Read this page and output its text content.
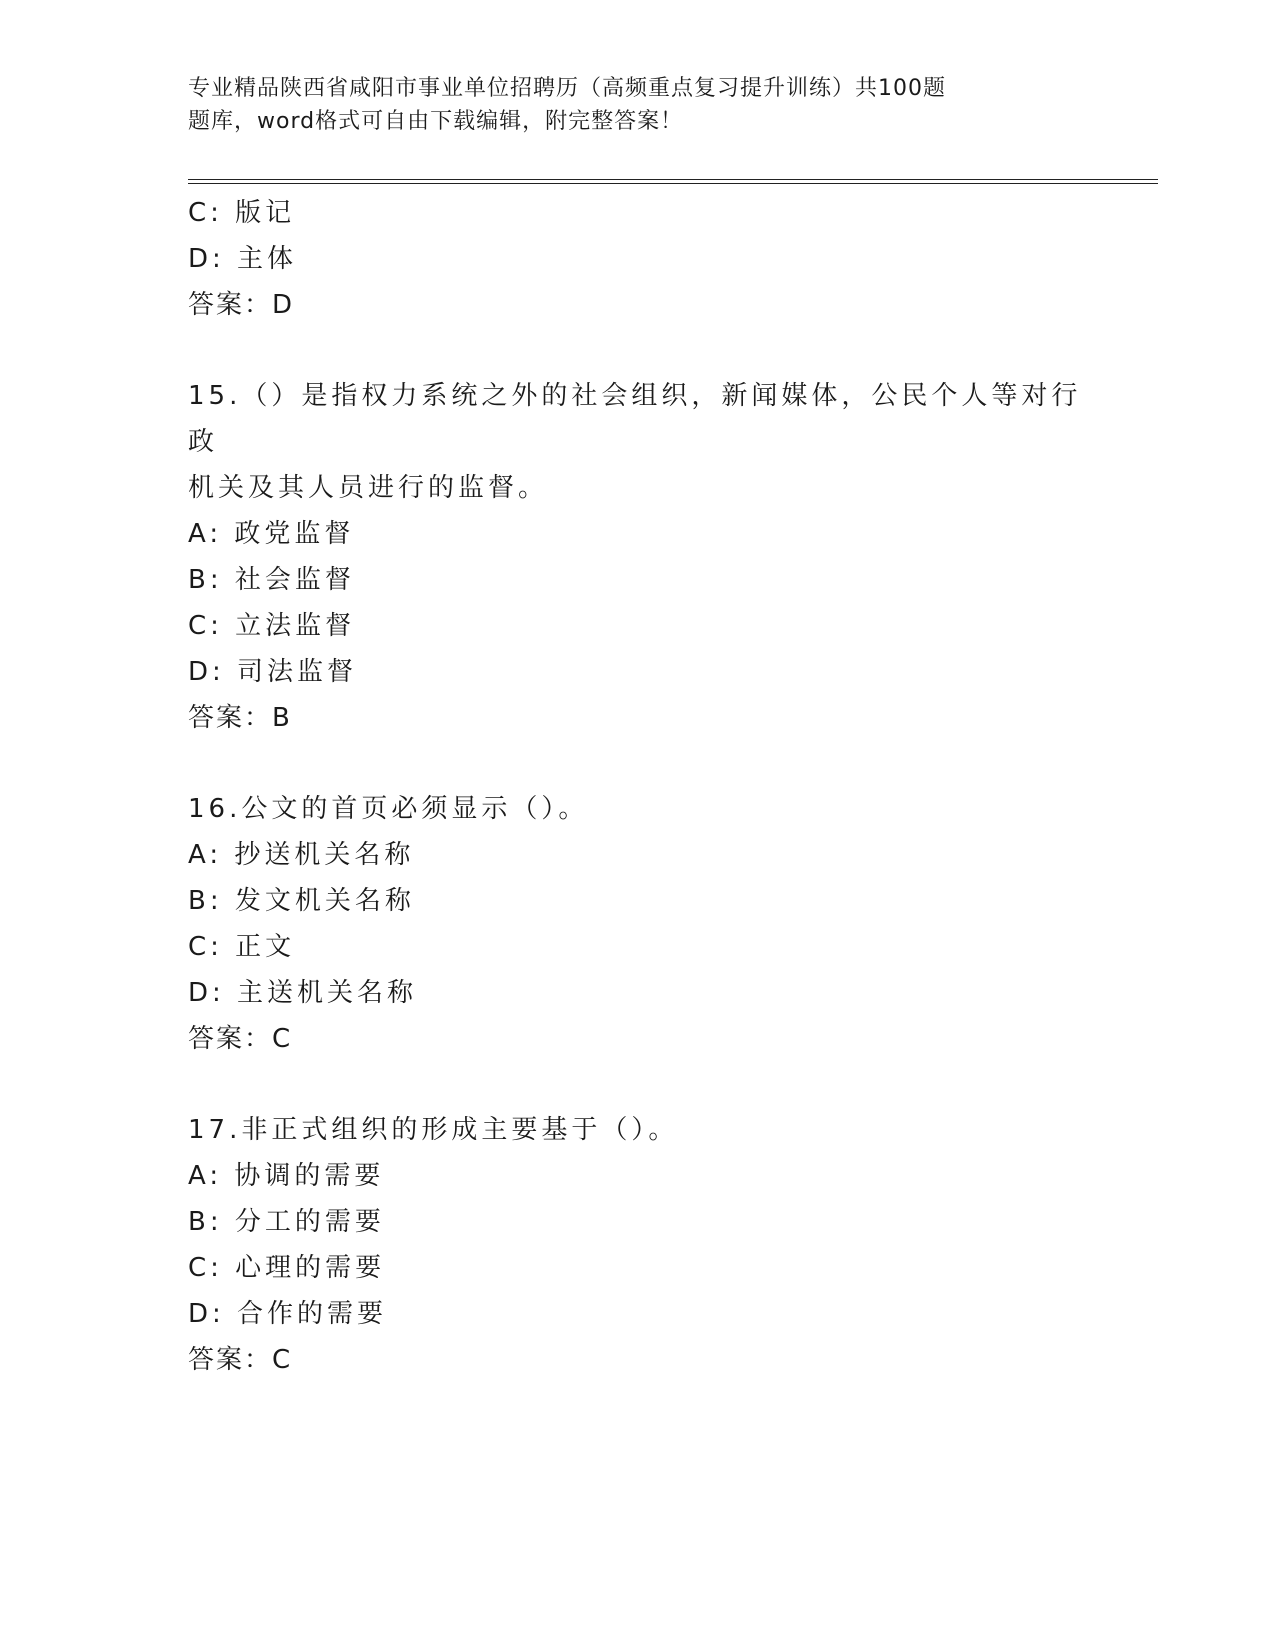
专业精品陕西省咸阳市事业单位招聘历（高频重点复习提升训练）共100题
题库，word格式可自由下载编辑，附完整答案！
C: 版记
D: 主体
答案：D
15.（）是指权力系统之外的社会组织，新闻媒体，公民个人等对行政
机关及其人员进行的监督。
A: 政党监督
B: 社会监督
C: 立法监督
D: 司法监督
答案：B
16.公文的首页必须显示（）。
A: 抄送机关名称
B: 发文机关名称
C: 正文
D: 主送机关名称
答案：C
17.非正式组织的形成主要基于（）。
A: 协调的需要
B: 分工的需要
C: 心理的需要
D: 合作的需要
答案：C
